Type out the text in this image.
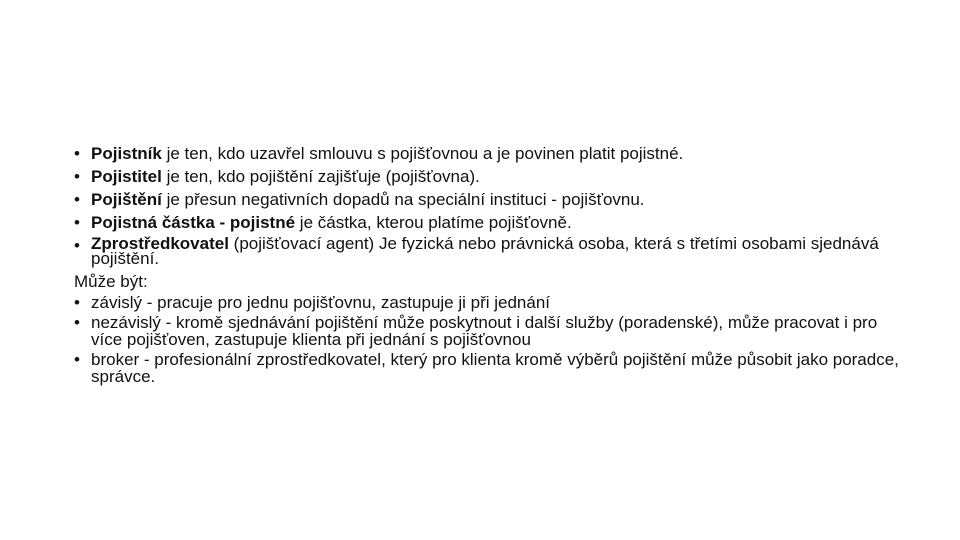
• Pojistník je ten, kdo uzavřel smlouvu s pojišťovnou a je povinen platit pojistné.
• Pojistitel je ten, kdo pojištění zajišťuje (pojišťovna).
• Pojištění je přesun negativních dopadů na speciální instituci - pojišťovnu.
• Pojistná částka - pojistné je částka, kterou platíme pojišťovně.
• Zprostředkovatel (pojišťovací agent) Je fyzická nebo právnická osoba, která s třetími osobami sjednává pojištění.
Může být:
• závislý - pracuje pro jednu pojišťovnu, zastupuje ji při jednání
• nezávislý - kromě sjednávání pojištění může poskytnout i další služby (poradenské), může pracovat i pro více pojišťoven, zastupuje klienta při jednání s pojišťovnou
• broker - profesionální zprostředkovatel, který pro klienta kromě výběrů pojištění může působit jako poradce, správce.
